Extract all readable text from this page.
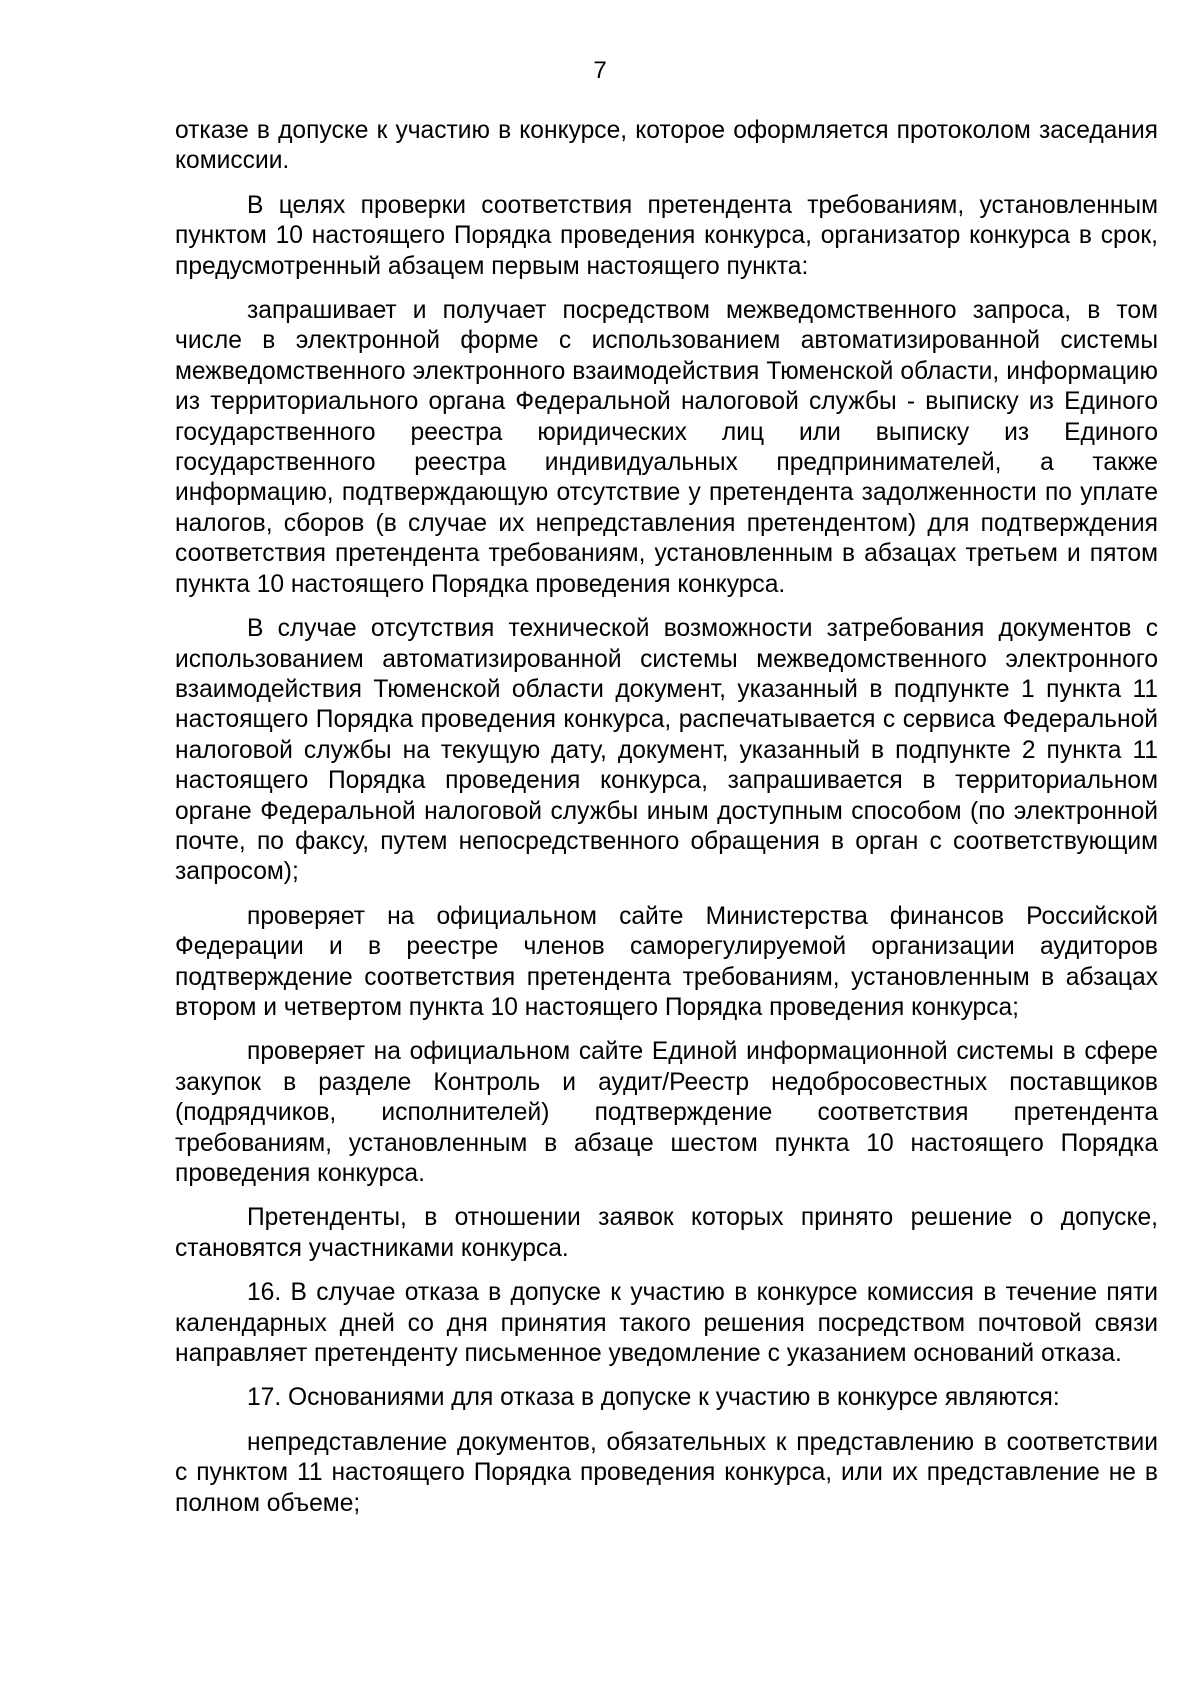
7

отказе в допуске к участию в конкурсе, которое оформляется протоколом заседания комиссии.

В целях проверки соответствия претендента требованиям, установленным пунктом 10 настоящего Порядка проведения конкурса, организатор конкурса в срок, предусмотренный абзацем первым настоящего пункта:

запрашивает и получает посредством межведомственного запроса, в том числе в электронной форме с использованием автоматизированной системы межведомственного электронного взаимодействия Тюменской области, информацию из территориального органа Федеральной налоговой службы - выписку из Единого государственного реестра юридических лиц или выписку из Единого государственного реестра индивидуальных предпринимателей, а также информацию, подтверждающую отсутствие у претендента задолженности по уплате налогов, сборов (в случае их непредставления претендентом) для подтверждения соответствия претендента требованиям, установленным в абзацах третьем и пятом пункта 10 настоящего Порядка проведения конкурса.

В случае отсутствия технической возможности затребования документов с использованием автоматизированной системы межведомственного электронного взаимодействия Тюменской области документ, указанный в подпункте 1 пункта 11 настоящего Порядка проведения конкурса, распечатывается с сервиса Федеральной налоговой службы на текущую дату, документ, указанный в подпункте 2 пункта 11 настоящего Порядка проведения конкурса, запрашивается в территориальном органе Федеральной налоговой службы иным доступным способом (по электронной почте, по факсу, путем непосредственного обращения в орган с соответствующим запросом);

проверяет на официальном сайте Министерства финансов Российской Федерации и в реестре членов саморегулируемой организации аудиторов подтверждение соответствия претендента требованиям, установленным в абзацах втором и четвертом пункта 10 настоящего Порядка проведения конкурса;

проверяет на официальном сайте Единой информационной системы в сфере закупок в разделе Контроль и аудит/Реестр недобросовестных поставщиков (подрядчиков, исполнителей) подтверждение соответствия претендента требованиям, установленным в абзаце шестом пункта 10 настоящего Порядка проведения конкурса.

Претенденты, в отношении заявок которых принято решение о допуске, становятся участниками конкурса.

16. В случае отказа в допуске к участию в конкурсе комиссия в течение пяти календарных дней со дня принятия такого решения посредством почтовой связи направляет претенденту письменное уведомление с указанием оснований отказа.

17. Основаниями для отказа в допуске к участию в конкурсе являются:

непредставление документов, обязательных к представлению в соответствии с пунктом 11 настоящего Порядка проведения конкурса, или их представление не в полном объеме;
